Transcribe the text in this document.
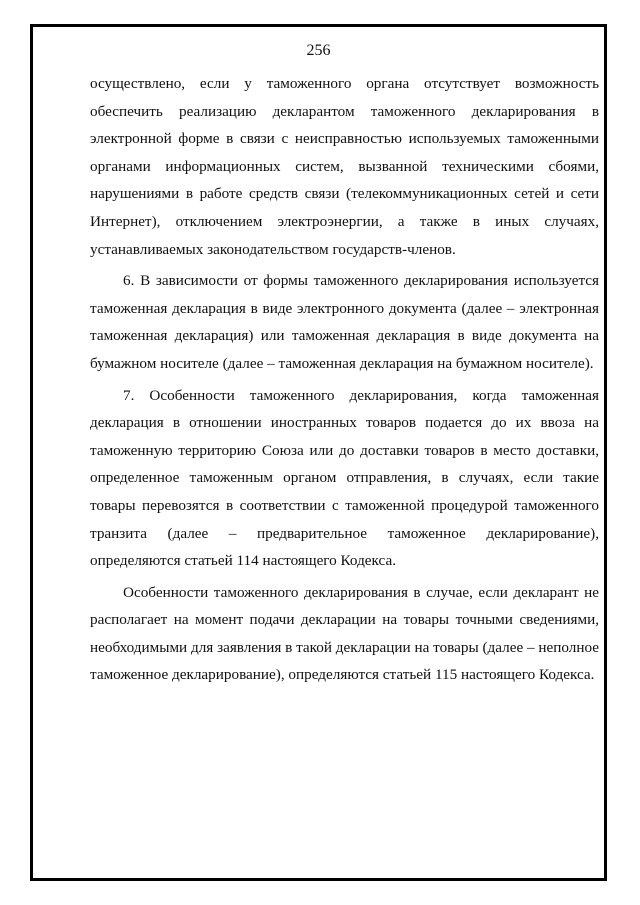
256

осуществлено, если у таможенного органа отсутствует возможность обеспечить реализацию декларантом таможенного декларирования в электронной форме в связи с неисправностью используемых таможенными органами информационных систем, вызванной техническими сбоями, нарушениями в работе средств связи (телекоммуникационных сетей и сети Интернет), отключением электроэнергии, а также в иных случаях, устанавливаемых законодательством государств-членов.

6. В зависимости от формы таможенного декларирования используется таможенная декларация в виде электронного документа (далее – электронная таможенная декларация) или таможенная декларация в виде документа на бумажном носителе (далее – таможенная декларация на бумажном носителе).

7. Особенности таможенного декларирования, когда таможенная декларация в отношении иностранных товаров подается до их ввоза на таможенную территорию Союза или до доставки товаров в место доставки, определенное таможенным органом отправления, в случаях, если такие товары перевозятся в соответствии с таможенной процедурой таможенного транзита (далее – предварительное таможенное декларирование), определяются статьей 114 настоящего Кодекса.

Особенности таможенного декларирования в случае, если декларант не располагает на момент подачи декларации на товары точными сведениями, необходимыми для заявления в такой декларации на товары (далее – неполное таможенное декларирование), определяются статьей 115 настоящего Кодекса.
